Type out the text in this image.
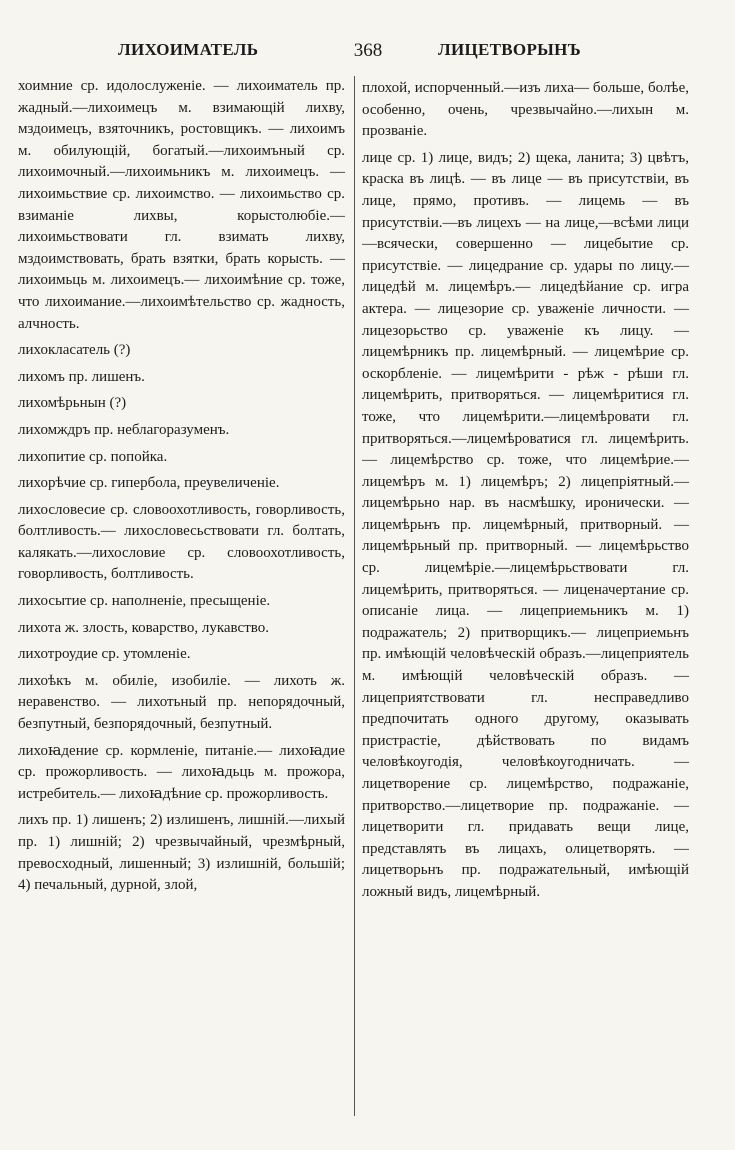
ЛИХОИМАТЕЛЬ	368	ЛИЦЕТВОРЫНЪ

хоимние ср. идолослуженіе. — лихоиматель пр. жадный.—лихоимецъ м. взимающій лихву, мздоимецъ, взяточникъ, ростовщикъ. — лихоимъ м. обилующій, богатый.—лихоимъный ср. лихоимочный.—лихоимьникъ м. лихоимецъ. — лихоимьствие ср. лихоимство. — лихоимьство ср. взиманіе лихвы, корыстолюбіе.— лихоимьствовати гл. взимать лихву, мздоимствовать, брать взятки, брать корысть. — лихоимьць м. лихоимецъ.— лихоимѣние ср. тоже, что лихоимание.—лихоимѣтельство ср. жадность, алчность.

лихокласатель (?)

лихомъ пр. лишенъ.

лихомѣрьнын (?)

лихомждръ пр. неблагоразуменъ.

лихопитие ср. попойка.

лихорѣчие ср. гипербола, преувеличеніе.

лихословесие ср. словоохотливость, говорливость, болтливость.— лихословесьствовати гл. болтать, калякать.—лихословие ср. словоохотливость, говорливость, болтливость.

лихосытие ср. наполненіе, пресыщеніе.

лихота ж. злость, коварство, лукавство.

лихотроудие ср. утомленіе.

лихоѣкъ м. обиліе, изобиліе. — лихоть ж. неравенство. — лихотьный пр. непорядочный, безпутный, безпорядочный, безпутный.

лихоꙗдение ср. кормленіе, питаніе.— лихоꙗдие ср. прожорливость. — лихоꙗдьць м. прожора, истребитель.— лихоꙗдѣние ср. прожорливость.

лихъ пр. 1) лишенъ; 2) излишенъ, лишній.—лихый пр. 1) лишній; 2) чрезвычайный, чрезмѣрный, превосходный, лишенный; 3) излишній, большій; 4) печальный, дурной, злой,

плохой, испорченный.—изъ лиха— больше, болѣе, особенно, очень, чрезвычайно.—лихын м. прозваніе.

лице ср. 1) лице, видъ; 2) щека, ланита; 3) цвѣтъ, краска въ лицѣ. — въ лице — въ присутствіи, въ лице, прямо, противъ. — лицемь — въ присутствіи.—въ лицехъ — на лице,—всѣми лици—всячески, совершенно — лицебытие ср. присутствіе. — лицедрание ср. удары по лицу.—лицедѣй м. лицемѣръ.— лицедѣйание ср. игра актера. — лицезорие ср. уваженіе личности. — лицезорьство ср. уваженіе къ лицу. —лицемѣрникъ пр. лицемѣрный. — лицемѣрие ср. оскорбленіе. — лицемѣрити - рѣж - рѣши гл. лицемѣрить, притворяться. — лицемѣритися гл. тоже, что лицемѣрити.—лицемѣровати гл. притворяться.—лицемѣроватися гл. лицемѣрить. — лицемѣрство ср. тоже, что лицемѣрие.—лицемѣръ м. 1) лицемѣръ; 2) лицепріятный.—лицемѣрьно нар. въ насмѣшку, иронически. — лицемѣрьнъ пр. лицемѣрный, притворный. — лицемѣрьный пр. притворный. — лицемѣрьство ср. лицемѣріе.—лицемѣрьствовати гл. лицемѣрить, притворяться. — лиценачертание ср. описаніе лица. — лицеприемьникъ м. 1) подражатель; 2) притворщикъ.— лицеприемьнъ пр. имѣющій человѣческій образъ.—лицеприятель м. имѣющій человѣческій образъ. — лицеприятствовати гл. несправедливо предпочитать одного другому, оказывать пристрастіе, дѣйствовать по видамъ человѣкоугодія, человѣкоугодничать. — лицетворение ср. лицемѣрство, подражаніе, притворство.—лицетворие пр. подражаніе. —лицетворити гл. придавать вещи лице, представлять въ лицахъ, олицетворять. — лицетворьнъ пр. подражательный, имѣющій ложный видъ, лицемѣрный.
